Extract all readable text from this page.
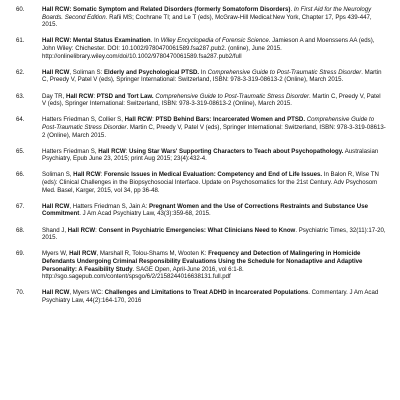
60.	Hall RCW: Somatic Symptom and Related Disorders (formerly Somatoform Disorders). In First Aid for the Neurology Boards. Second Edition. Rafii MS; Cochrane TI; and Le T (eds), McGraw-Hill Medical:New York, Chapter 17, Pps 439-447, 2015.
61.	Hall RCW: Mental Status Examination. In Wiley Encyclopedia of Forensic Science. Jamieson A and Moenssens AA (eds), John Wiley: Chichester. DOI: 10.1002/9780470061589.fsa287.pub2. (online), June 2015. http://onlinelibrary.wiley.com/doi/10.1002/9780470061589.fsa287.pub2/full
62.	Hall RCW, Soliman S: Elderly and Psychological PTSD. In Comprehensive Guide to Post-Traumatic Stress Disorder. Martin C, Preedy V, Patel V (eds), Springer International: Switzerland, ISBN: 978-3-319-08613-2 (Online), March 2015.
63.	Day TR, Hall RCW: PTSD and Tort Law. Comprehensive Guide to Post-Traumatic Stress Disorder. Martin C, Preedy V, Patel V (eds), Springer International: Switzerland, ISBN: 978-3-319-08613-2 (Online), March 2015.
64.	Hatters Friedman S, Collier S, Hall RCW: PTSD Behind Bars: Incarcerated Women and PTSD. Comprehensive Guide to Post-Traumatic Stress Disorder. Martin C, Preedy V, Patel V (eds), Springer International: Switzerland, ISBN: 978-3-319-08613-2 (Online), March 2015.
65.	Hatters Friedman S, Hall RCW: Using Star Wars' Supporting Characters to Teach about Psychopathology. Australasian Psychiatry, Epub June 23, 2015; print Aug 2015; 23(4):432-4.
66.	Soliman S, Hall RCW: Forensic Issues in Medical Evaluation: Competency and End of Life Issues. In Balon R, Wise TN (eds): Clinical Challenges in the Biopsychosocial Interface. Update on Psychosomatics for the 21st Century. Adv Psychosom Med. Basel, Karger, 2015, vol 34, pp 36-48.
67.	Hall RCW, Hatters Friedman S, Jain A: Pregnant Women and the Use of Corrections Restraints and Substance Use Commitment. J Am Acad Psychiatry Law, 43(3):359-68, 2015.
68.	Shand J, Hall RCW: Consent in Psychiatric Emergencies: What Clinicians Need to Know. Psychiatric Times, 32(11):17-20, 2015.
69.	Myers W, Hall RCW, Marshall R, Tolou-Shams M, Wooten K: Frequency and Detection of Malingering in Homicide Defendants Undergoing Criminal Responsibility Evaluations Using the Schedule for Nonadaptive and Adaptive Personality: A Feasibility Study. SAGE Open, April-June 2016, vol 6:1-8. http://sgo.sagepub.com/content/spsgo/6/2/2158244016638131.full.pdf
70.	Hall RCW, Myers WC: Challenges and Limitations to Treat ADHD in Incarcerated Populations. Commentary. J Am Acad Psychiatry Law, 44(2):164-170, 2016
